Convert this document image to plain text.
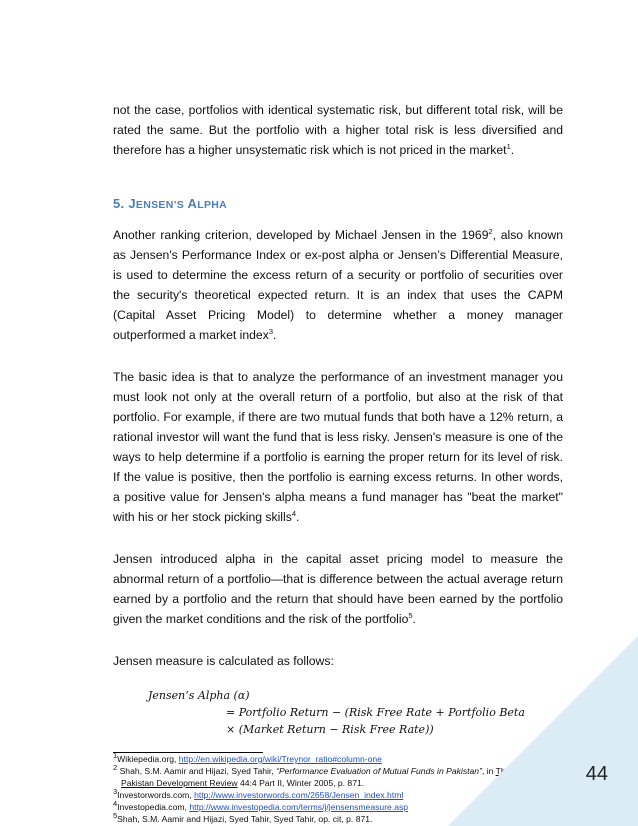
not the case, portfolios with identical systematic risk, but different total risk, will be rated the same. But the portfolio with a higher total risk is less diversified and therefore has a higher unsystematic risk which is not priced in the market$^1$.

5. JENSEN’S ALPHA

Another ranking criterion, developed by Michael Jensen in the 1969$^2$, also known as Jensen's Performance Index or ex-post alpha or Jensen’s Differential Measure, is used to determine the excess return of a security or portfolio of securities over the security's theoretical expected return. It is an index that uses the CAPM (Capital Asset Pricing Model) to determine whether a money manager outperformed a market index$^3$.

The basic idea is that to analyze the performance of an investment manager you must look not only at the overall return of a portfolio, but also at the risk of that portfolio. For example, if there are two mutual funds that both have a 12% return, a rational investor will want the fund that is less risky. Jensen's measure is one of the ways to help determine if a portfolio is earning the proper return for its level of risk. If the value is positive, then the portfolio is earning excess returns. In other words, a positive value for Jensen's alpha means a fund manager has "beat the market" with his or her stock picking skills$^4$.

Jensen introduced alpha in the capital asset pricing model to measure the abnormal return of a portfolio—that is difference between the actual average return earned by a portfolio and the return that should have been earned by the portfolio given the market conditions and the risk of the portfolio$^5$.

Jensen measure is calculated as follows:

Jensen’s Alpha (α)
= Portfolio Return − (Risk Free Rate + Portfolio Beta
× (Market Return − Risk Free Rate))

$^1$Wikiepedia.org, http://en.wikipedia.org/wiki/Treynor_ratio#column-one

$^2$ Shah, S.M. Aamir and Hijazi, Syed Tahir, “Performance Evaluation of Mutual Funds in Pakistan”, in The
Pakistan Development Review 44:4 Part II, Winter 2005, p. 871.

$^3$Investorwords.com, http://www.investorwords.com/2658/Jensen_index.html

$^4$Investopedia.com, http://www.investopedia.com/terms/j/jensensmeasure.asp

$^5$Shah, S.M. Aamir and Hijazi, Syed Tahir, Syed Tahir, op. cit, p. 871.

44
